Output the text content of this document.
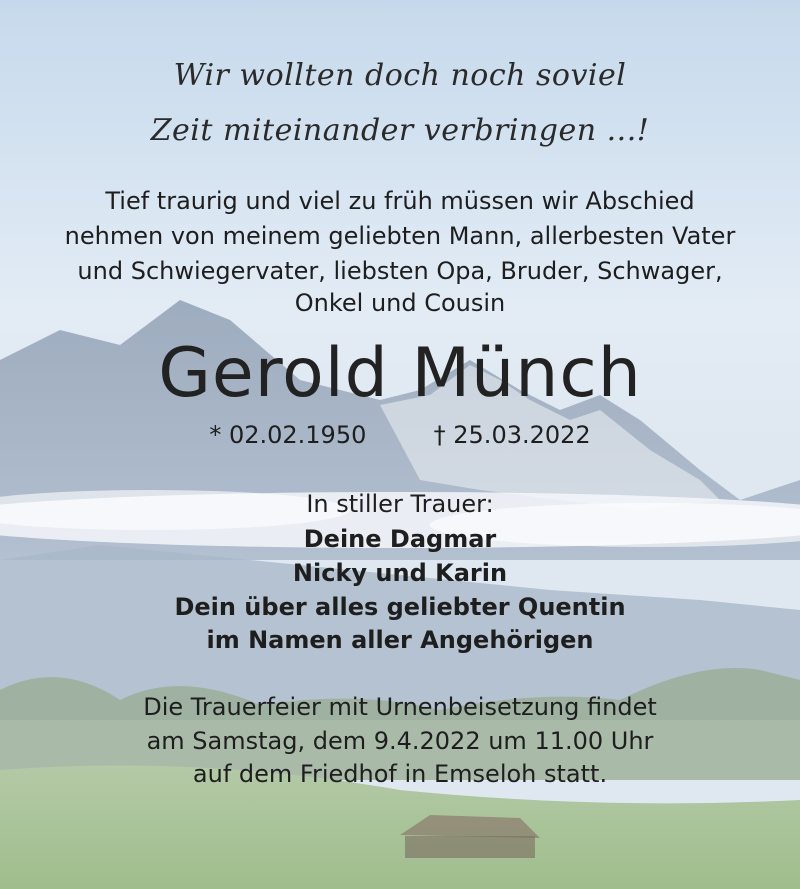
Wir wollten doch noch soviel
Zeit miteinander verbringen ...!
Tief traurig und viel zu früh müssen wir Abschied
nehmen von meinem geliebten Mann, allerbesten Vater
und Schwiegervater, liebsten Opa, Bruder, Schwager,
Onkel und Cousin
Gerold Münch
* 02.02.1950	† 25.03.2022
In stiller Trauer:
Deine Dagmar
Nicky und Karin
Dein über alles geliebter Quentin
im Namen aller Angehörigen
Die Trauerfeier mit Urnenbeisetzung findet
am Samstag, dem 9.4.2022 um 11.00 Uhr
auf dem Friedhof in Emseloh statt.
